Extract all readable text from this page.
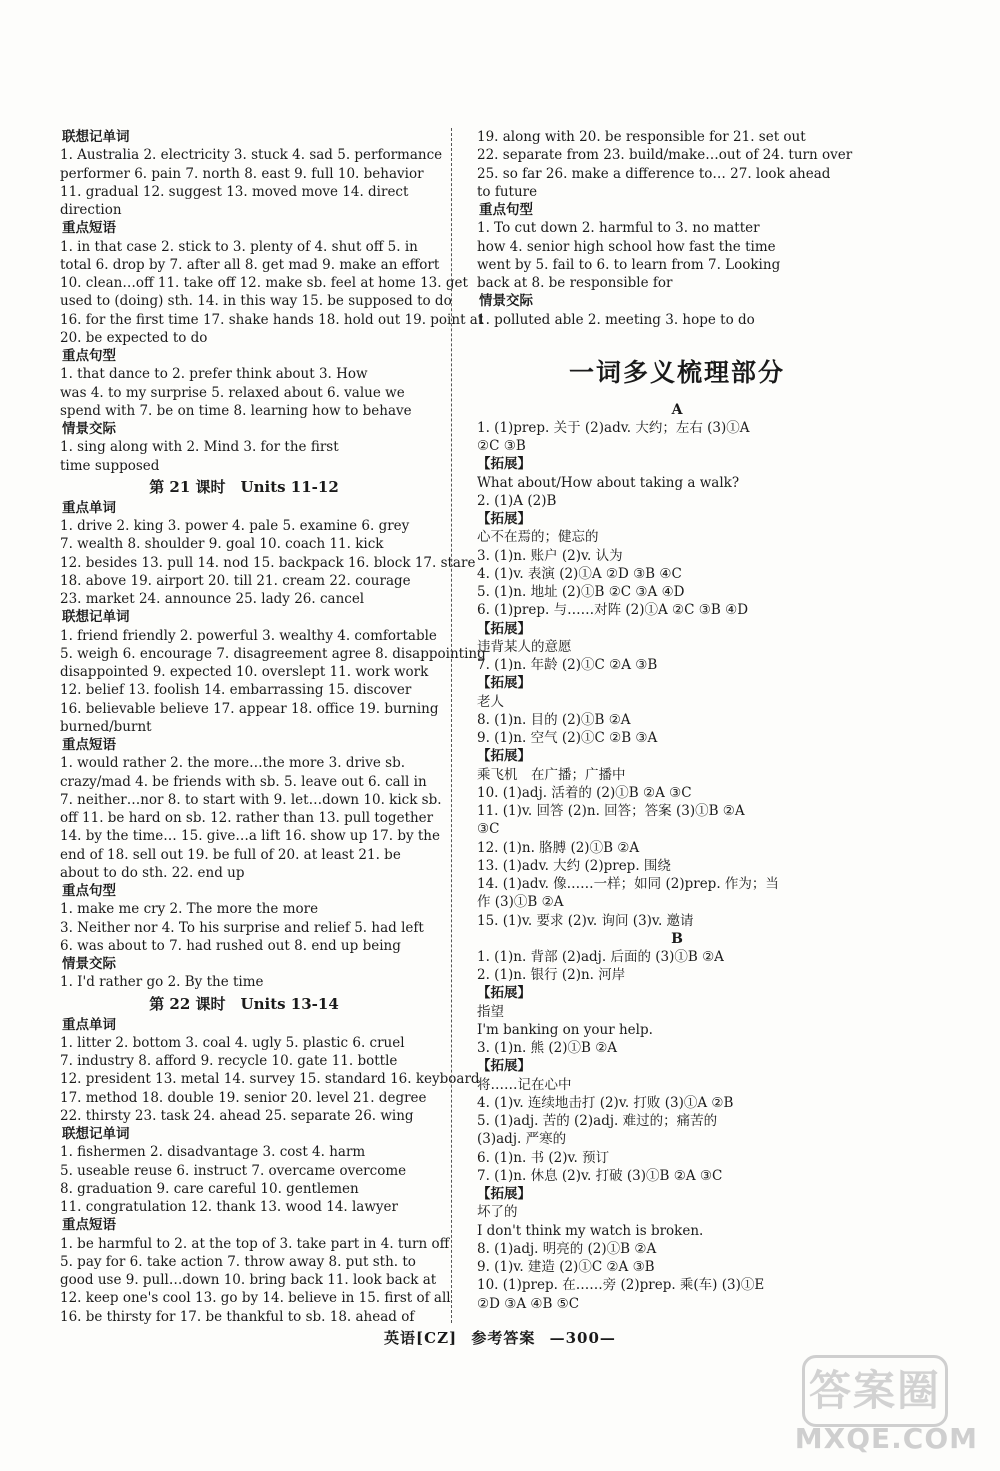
联想记单词
1. Australia 2. electricity 3. stuck 4. sad 5. performance
performer 6. pain 7. north 8. east 9. full 10. behavior
11. gradual 12. suggest 13. moved move 14. direct
direction
重点短语
1. in that case 2. stick to 3. plenty of 4. shut off 5. in
total 6. drop by 7. after all 8. get mad 9. make an effort
10. clean…off 11. take off 12. make sb. feel at home 13. get
used to (doing) sth. 14. in this way 15. be supposed to do
16. for the first time 17. shake hands 18. hold out 19. point at
20. be expected to do
重点句型
1. that dance to 2. prefer think about 3. How
was 4. to my surprise 5. relaxed about 6. value we
spend with 7. be on time 8. learning how to behave
情景交际
1. sing along with 2. Mind 3. for the first
time supposed
第 21 课时　Units 11-12
重点单词
1. drive 2. king 3. power 4. pale 5. examine 6. grey
7. wealth 8. shoulder 9. goal 10. coach 11. kick
12. besides 13. pull 14. nod 15. backpack 16. block 17. stare
18. above 19. airport 20. till 21. cream 22. courage
23. market 24. announce 25. lady 26. cancel
联想记单词
1. friend friendly 2. powerful 3. wealthy 4. comfortable
5. weigh 6. encourage 7. disagreement agree 8. disappointing
disappointed 9. expected 10. overslept 11. work work
12. belief 13. foolish 14. embarrassing 15. discover
16. believable believe 17. appear 18. office 19. burning
burned/burnt
重点短语
1. would rather 2. the more…the more 3. drive sb.
crazy/mad 4. be friends with sb. 5. leave out 6. call in
7. neither…nor 8. to start with 9. let…down 10. kick sb.
off 11. be hard on sb. 12. rather than 13. pull together
14. by the time… 15. give…a lift 16. show up 17. by the
end of 18. sell out 19. be full of 20. at least 21. be
about to do sth. 22. end up
重点句型
1. make me cry 2. The more the more
3. Neither nor 4. To his surprise and relief 5. had left
6. was about to 7. had rushed out 8. end up being
情景交际
1. I'd rather go 2. By the time
第 22 课时　Units 13-14
重点单词
1. litter 2. bottom 3. coal 4. ugly 5. plastic 6. cruel
7. industry 8. afford 9. recycle 10. gate 11. bottle
12. president 13. metal 14. survey 15. standard 16. keyboard
17. method 18. double 19. senior 20. level 21. degree
22. thirsty 23. task 24. ahead 25. separate 26. wing
联想记单词
1. fishermen 2. disadvantage 3. cost 4. harm
5. useable reuse 6. instruct 7. overcame overcome
8. graduation 9. care careful 10. gentlemen
11. congratulation 12. thank 13. wood 14. lawyer
重点短语
1. be harmful to 2. at the top of 3. take part in 4. turn off
5. pay for 6. take action 7. throw away 8. put sth. to
good use 9. pull…down 10. bring back 11. look back at
12. keep one's cool 13. go by 14. believe in 15. first of all
16. be thirsty for 17. be thankful to sb. 18. ahead of
19. along with 20. be responsible for 21. set out
22. separate from 23. build/make…out of 24. turn over
25. so far 26. make a difference to… 27. look ahead
to future
重点句型
1. To cut down 2. harmful to 3. no matter
how 4. senior high school how fast the time
went by 5. fail to 6. to learn from 7. Looking
back at 8. be responsible for
情景交际
1. polluted able 2. meeting 3. hope to do
一词多义梳理部分
A
1. (1)prep. 关于 (2)adv. 大约；左右 (3)①A
②C ③B
【拓展】
What about/How about taking a walk?
2. (1)A (2)B
【拓展】
心不在焉的；健忘的
3. (1)n. 账户 (2)v. 认为
4. (1)v. 表演 (2)①A ②D ③B ④C
5. (1)n. 地址 (2)①B ②C ③A ④D
6. (1)prep. 与……对阵 (2)①A ②C ③B ④D
【拓展】
违背某人的意愿
7. (1)n. 年龄 (2)①C ②A ③B
【拓展】
老人
8. (1)n. 目的 (2)①B ②A
9. (1)n. 空气 (2)①C ②B ③A
【拓展】
乘飞机　在广播；广播中
10. (1)adj. 活着的 (2)①B ②A ③C
11. (1)v. 回答 (2)n. 回答；答案 (3)①B ②A
③C
12. (1)n. 胳膊 (2)①B ②A
13. (1)adv. 大约 (2)prep. 围绕
14. (1)adv. 像……一样；如同 (2)prep. 作为；当
作 (3)①B ②A
15. (1)v. 要求 (2)v. 询问 (3)v. 邀请
B
1. (1)n. 背部 (2)adj. 后面的 (3)①B ②A
2. (1)n. 银行 (2)n. 河岸
【拓展】
指望
I'm banking on your help.
3. (1)n. 熊 (2)①B ②A
【拓展】
将……记在心中
4. (1)v. 连续地击打 (2)v. 打败 (3)①A ②B
5. (1)adj. 苦的 (2)adj. 难过的；痛苦的
(3)adj. 严寒的
6. (1)n. 书 (2)v. 预订
7. (1)n. 休息 (2)v. 打破 (3)①B ②A ③C
【拓展】
坏了的
I don't think my watch is broken.
8. (1)adj. 明亮的 (2)①B ②A
9. (1)v. 建造 (2)①C ②A ③B
10. (1)prep. 在……旁 (2)prep. 乘(车) (3)①E
②D ③A ④B ⑤C
英语[CZ] 参考答案 —300—
答案圈
MXQE.COM
